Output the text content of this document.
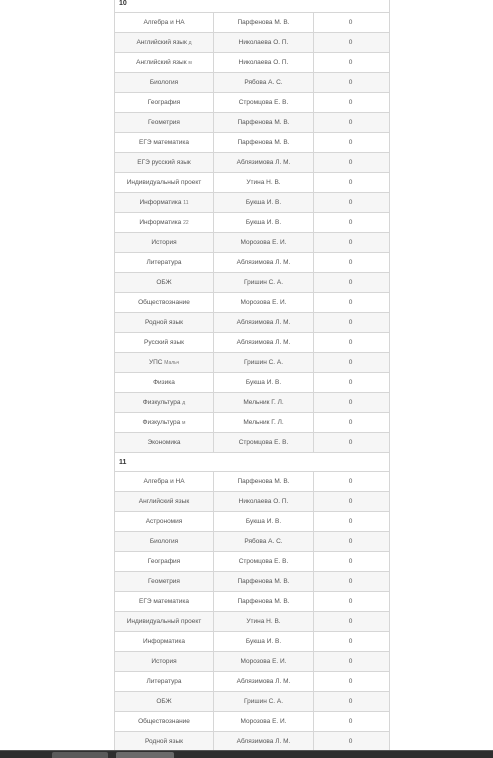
10
Алгебра и НА	Парфенова М. В.	0
Английский язык д	Николаева О. П.	0
Английский язык м	Николаева О. П.	0
Биология	Рябова А. С.	0
География	Стромцова Е. В.	0
Геометрия	Парфенова М. В.	0
ЕГЭ математика	Парфенова М. В.	0
ЕГЭ русский язык	Аблязимова Л. М.	0
Индивидуальный проект	Утина Н. В.	0
Информатика 11	Букша И. В.	0
Информатика 22	Букша И. В.	0
История	Морозова Е. И.	0
Литература	Аблязимова Л. М.	0
ОБЖ	Гришин С. А.	0
Обществознание	Морозова Е. И.	0
Родной язык	Аблязимова Л. М.	0
Русский язык	Аблязимова Л. М.	0
УПС Мальч	Гришин С. А.	0
Физика	Букша И. В.	0
Физкультура д	Мельник Г. Л.	0
Физкультура м	Мельник Г. Л.	0
Экономика	Стромцова Е. В.	0
11
Алгебра и НА	Парфенова М. В.	0
Английский язык	Николаева О. П.	0
Астрономия	Букша И. В.	0
Биология	Рябова А. С.	0
География	Стромцова Е. В.	0
Геометрия	Парфенова М. В.	0
ЕГЭ математика	Парфенова М. В.	0
Индивидуальный проект	Утина Н. В.	0
Информатика	Букша И. В.	0
История	Морозова Е. И.	0
Литература	Аблязимова Л. М.	0
ОБЖ	Гришин С. А.	0
Обществознание	Морозова Е. И.	0
Родной язык	Аблязимова Л. М.	0
